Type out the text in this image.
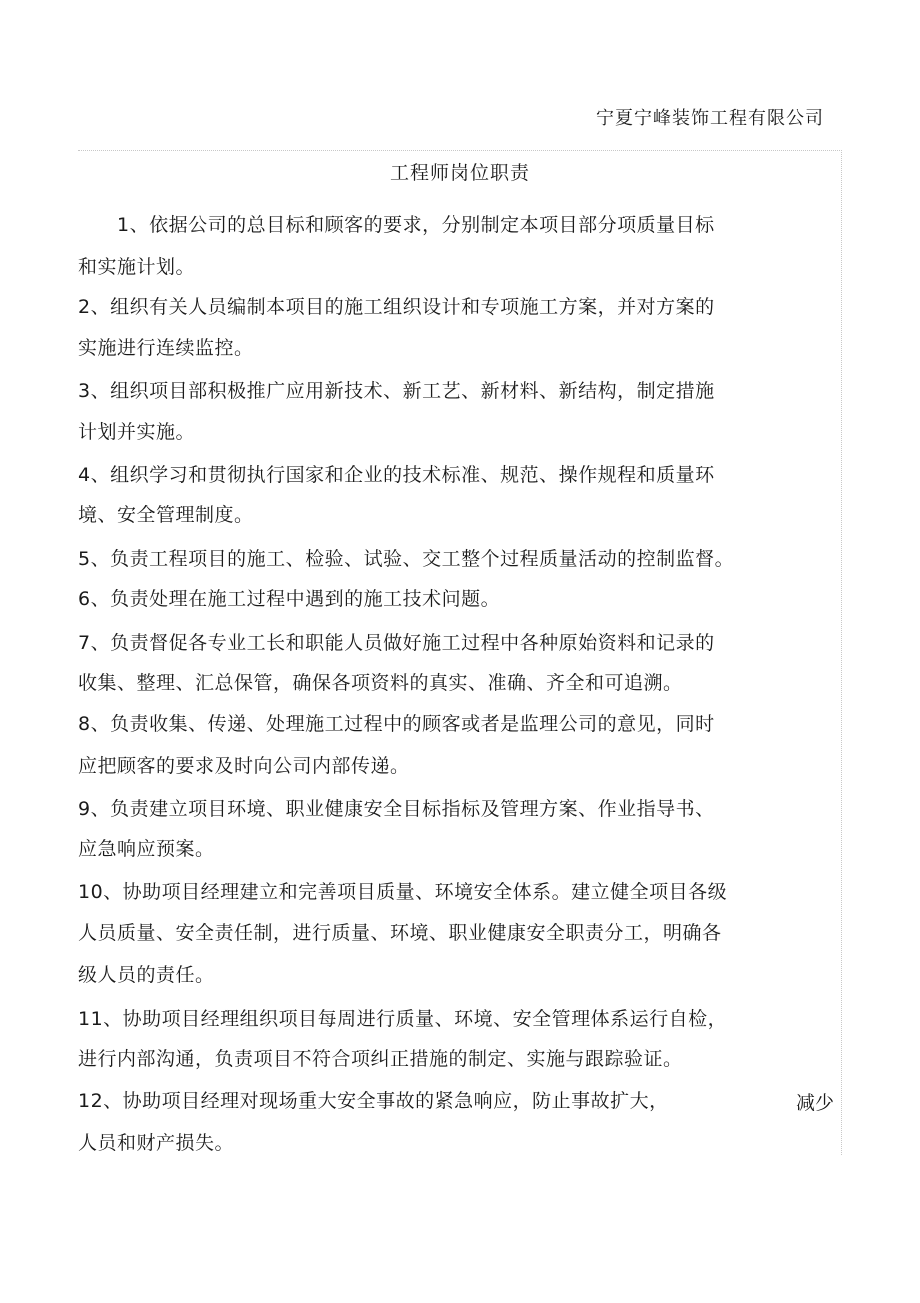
宁夏宁峰装饰工程有限公司
工程师岗位职责
　　1、依据公司的总目标和顾客的要求，分别制定本项目部分项质量目标
和实施计划。
2、组织有关人员编制本项目的施工组织设计和专项施工方案，并对方案的
实施进行连续监控。
3、组织项目部积极推广应用新技术、新工艺、新材料、新结构，制定措施
计划并实施。
4、组织学习和贯彻执行国家和企业的技术标准、规范、操作规程和质量环
境、安全管理制度。
5、负责工程项目的施工、检验、试验、交工整个过程质量活动的控制监督。
6、负责处理在施工过程中遇到的施工技术问题。
7、负责督促各专业工长和职能人员做好施工过程中各种原始资料和记录的
收集、整理、汇总保管，确保各项资料的真实、准确、齐全和可追溯。
8、负责收集、传递、处理施工过程中的顾客或者是监理公司的意见，同时
应把顾客的要求及时向公司内部传递。
9、负责建立项目环境、职业健康安全目标指标及管理方案、作业指导书、
应急响应预案。
10、协助项目经理建立和完善项目质量、环境安全体系。建立健全项目各级
人员质量、安全责任制，进行质量、环境、职业健康安全职责分工，明确各
级人员的责任。
11、协助项目经理组织项目每周进行质量、环境、安全管理体系运行自检，
进行内部沟通，负责项目不符合项纠正措施的制定、实施与跟踪验证。
12、协助项目经理对现场重大安全事故的紧急响应，防止事故扩大，	减少
人员和财产损失。
